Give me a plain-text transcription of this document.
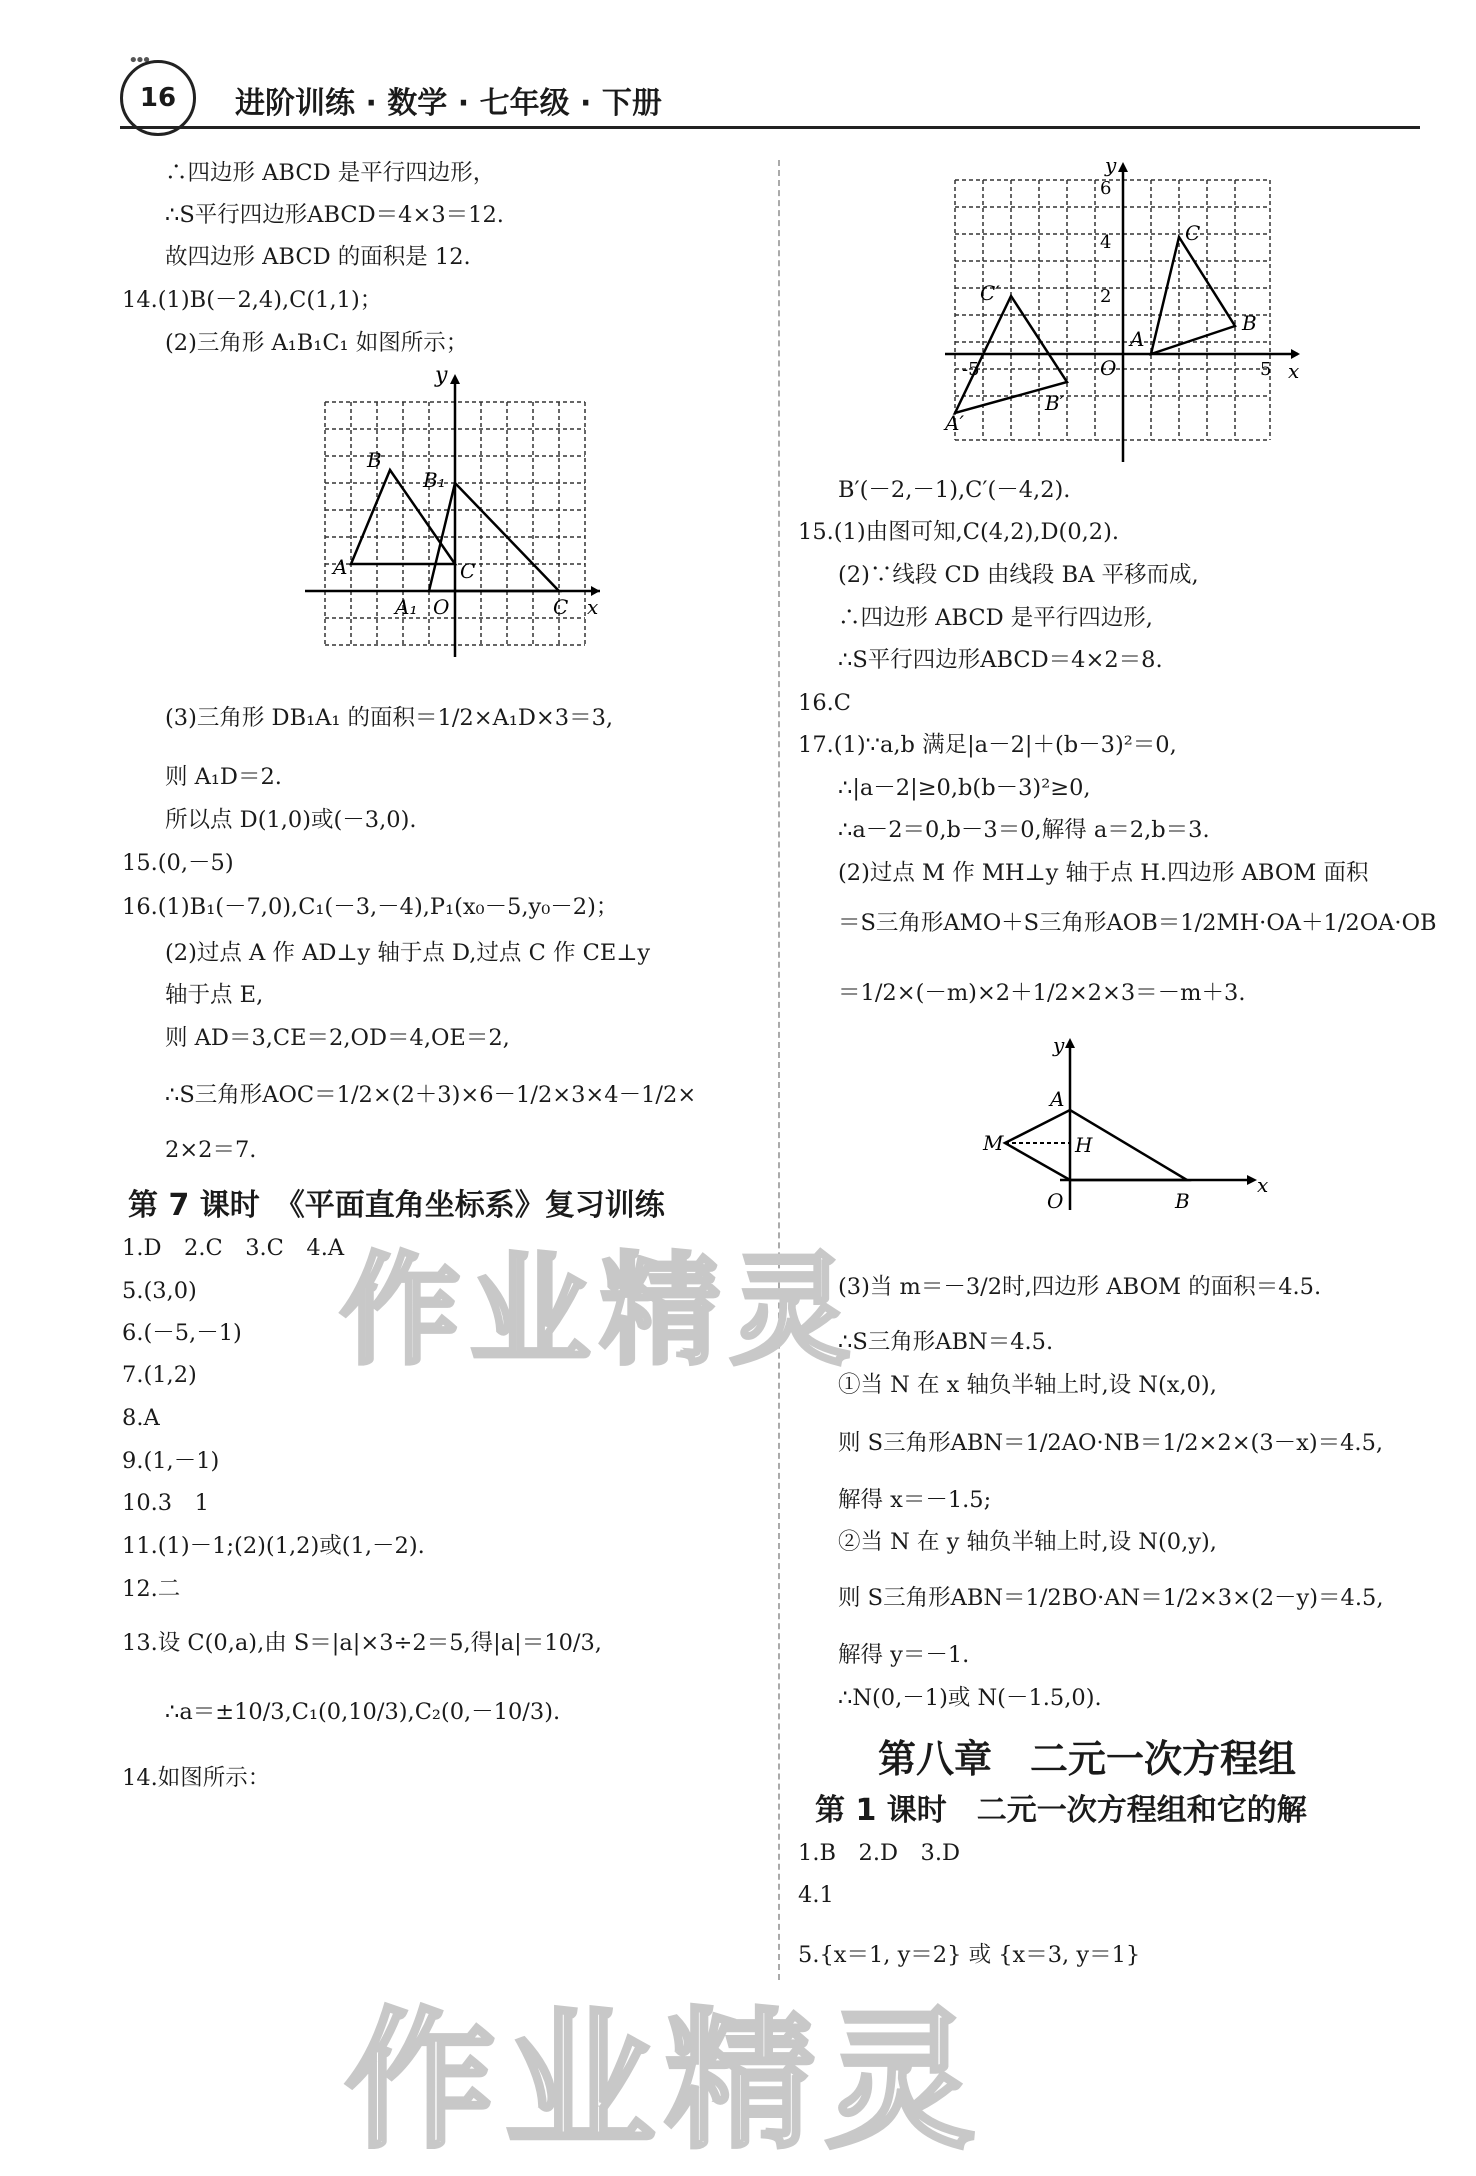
•••
16	进阶训练 · 数学 · 七年级 · 下册
∴四边形 ABCD 是平行四边形，
∴S平行四边形ABCD＝4×3＝12.
故四边形 ABCD 的面积是 12.
14.(1)B(－2,4),C(1,1)；
(2)三角形 A₁B₁C₁ 如图所示；
y
x
O
A
B
C
A₁
B₁
C
(3)三角形 DB₁A₁ 的面积＝1/2×A₁D×3＝3,
则 A₁D＝2.
所以点 D(1,0)或(－3,0).
15.(0,－5)
16.(1)B₁(－7,0),C₁(－3,－4),P₁(x₀－5,y₀－2)；
(2)过点 A 作 AD⊥y 轴于点 D,过点 C 作 CE⊥y
轴于点 E,
则 AD＝3,CE＝2,OD＝4,OE＝2,
∴S三角形AOC＝1/2×(2＋3)×6－1/2×3×4－1/2×
2×2＝7.
第 7 课时　《平面直角坐标系》复习训练
1.D　2.C　3.C　4.A
5.(3,0)
6.(－5,－1)
7.(1,2)
8.A
9.(1,－1)
10.3　1
11.(1)－1;(2)(1,2)或(1,－2).
12.二
13.设 C(0,a),由 S＝|a|×3÷2＝5,得|a|＝10/3,
∴a＝±10/3,C₁(0,10/3),C₂(0,－10/3).
14.如图所示：
y
6
4
2
-5	5 x
O
A
B
C
A′
B′
C′
B′(－2,－1),C′(－4,2).
15.(1)由图可知,C(4,2),D(0,2).
(2)∵线段 CD 由线段 BA 平移而成,
∴四边形 ABCD 是平行四边形,
∴S平行四边形ABCD＝4×2＝8.
16.C
17.(1)∵a,b 满足|a－2|＋(b－3)²＝0,
∴|a－2|≥0,b(b－3)²≥0,
∴a－2＝0,b－3＝0,解得 a＝2,b＝3.
(2)过点 M 作 MH⊥y 轴于点 H.四边形 ABOM 面积
＝S三角形AMO＋S三角形AOB＝1/2MH·OA＋1/2OA·OB
＝1/2×(－m)×2＋1/2×2×3＝－m＋3.
y
x
O
A
B
M	H
(3)当 m＝－3/2时,四边形 ABOM 的面积＝4.5.
∴S三角形ABN＝4.5.
①当 N 在 x 轴负半轴上时,设 N(x,0),
则 S三角形ABN＝1/2AO·NB＝1/2×2×(3－x)＝4.5,
解得 x＝－1.5;
②当 N 在 y 轴负半轴上时,设 N(0,y),
则 S三角形ABN＝1/2BO·AN＝1/2×3×(2－y)＝4.5,
解得 y＝－1.
∴N(0,－1)或 N(－1.5,0).
第八章　二元一次方程组
第 1 课时　二元一次方程组和它的解
1.B　2.D　3.D
4.1
5.{x＝1, y＝2} 或 {x＝3, y＝1}
作业精灵
作业精灵
